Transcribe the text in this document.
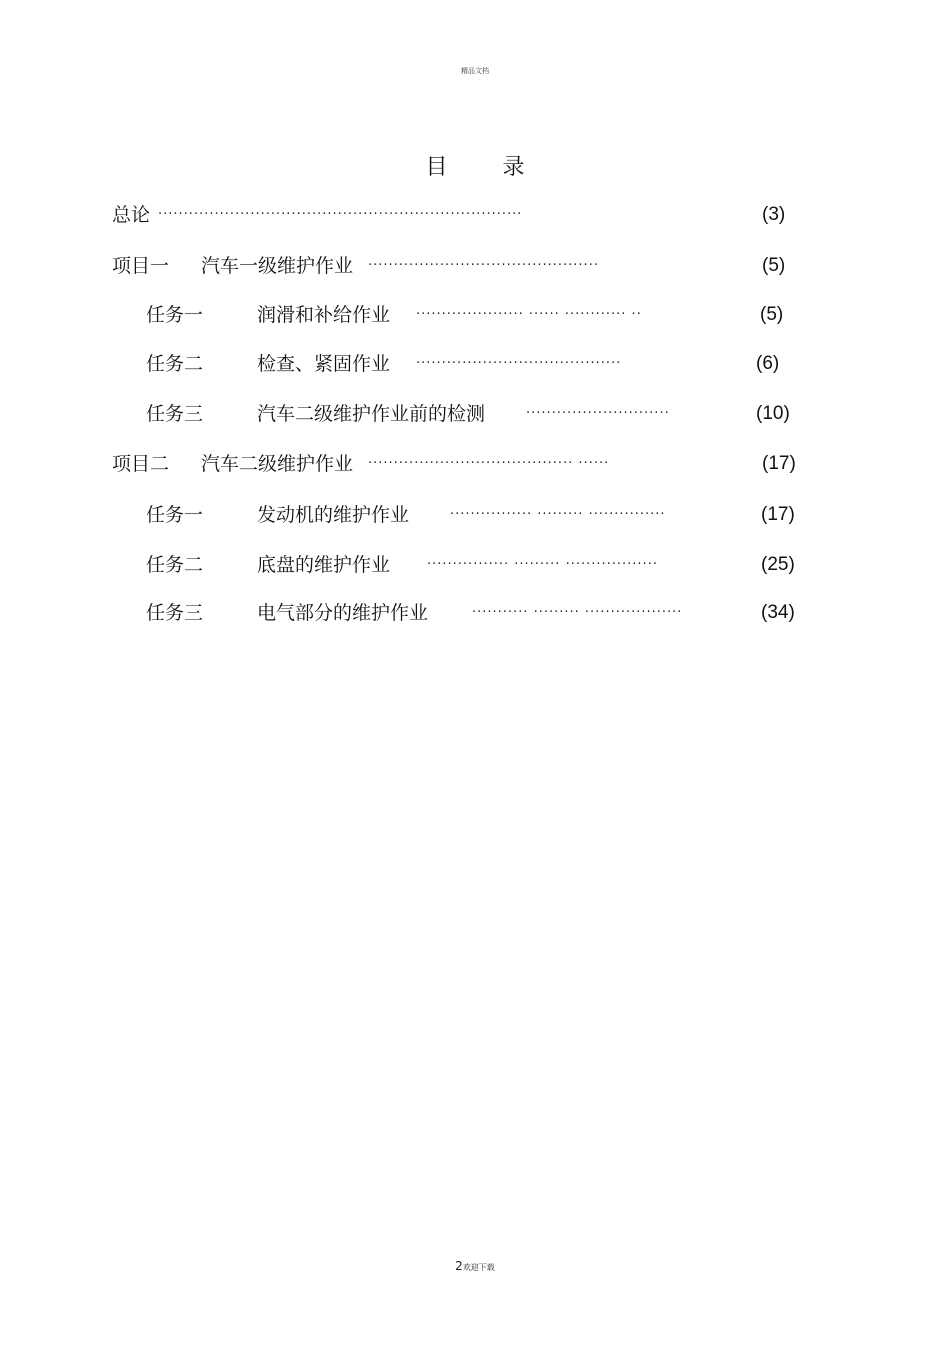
精品文档
目 录
总论 ·······································································	(3)
项目一 汽车一级维护作业 ·············································	(5)
任务一	润滑和补给作业 ····················· ······ ············ ··	(5)
任务二	检查、紧固作业 ········································	(6)
任务三	汽车二级维护作业前的检测	····························	(10)
项目二 汽车二级维护作业 ········································ ······	(17)
任务一	发动机的维护作业	················ ········· ···············	(17)
任务二	底盘的维护作业	················ ········· ··················	(25)
任务三	电气部分的维护作业	··········· ········· ···················	(34)
2欢迎下载
